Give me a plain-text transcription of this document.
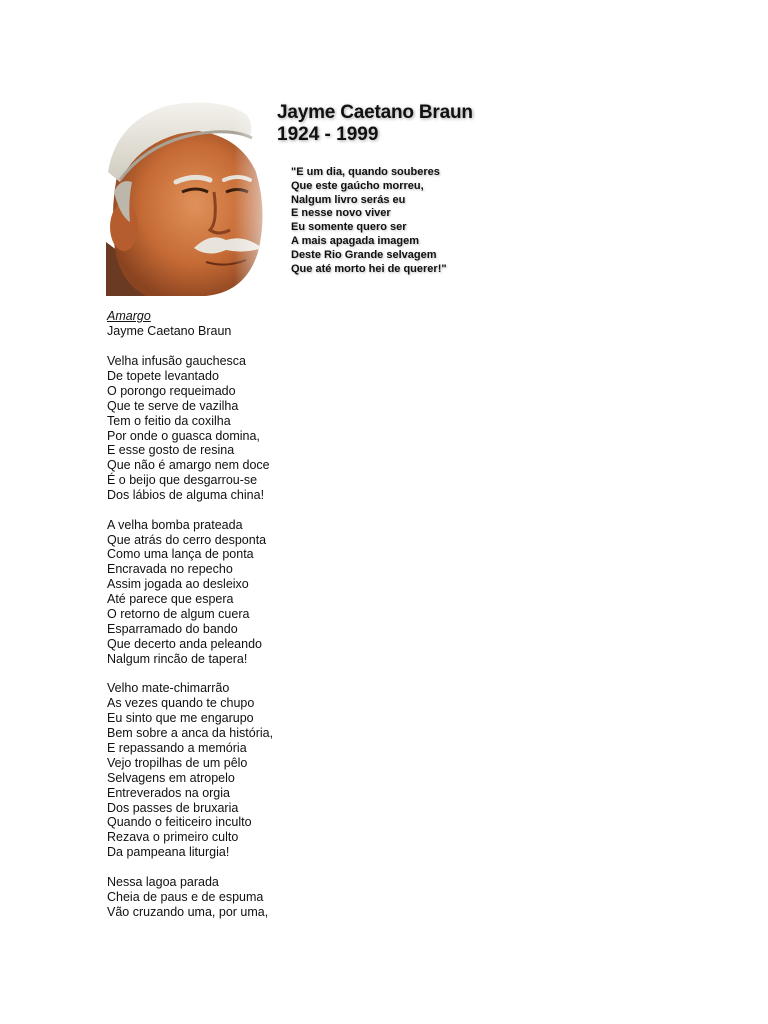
Jayme Caetano Braun
1924 - 1999
"E um dia, quando souberes
Que este gaúcho morreu,
Nalgum livro serás eu
E nesse novo viver
Eu somente quero ser
A mais apagada imagem
Deste Rio Grande selvagem
Que até morto hei de querer!"
Amargo
Jayme Caetano Braun
Velha infusão gauchesca
De topete levantado
O porongo requeimado
Que te serve de vazilha
Tem o feitio da coxilha
Por onde o guasca domina,
E esse gosto de resina
Que não é amargo nem doce
É o beijo que desgarrou-se
Dos lábios de alguma china!
A velha bomba prateada
Que atrás do cerro desponta
Como uma lança de ponta
Encravada no repecho
Assim jogada ao desleixo
Até parece que espera
O retorno de algum cuera
Esparramado do bando
Que decerto anda peleando
Nalgum rincão de tapera!
Velho mate-chimarrão
As vezes quando te chupo
Eu sinto que me engarupo
Bem sobre a anca da história,
E repassando a memória
Vejo tropilhas de um pêlo
Selvagens em atropelo
Entreverados na orgia
Dos passes de bruxaria
Quando o feiticeiro inculto
Rezava o primeiro culto
Da pampeana liturgia!
Nessa lagoa parada
Cheia de paus e de espuma
Vão cruzando uma, por uma,
